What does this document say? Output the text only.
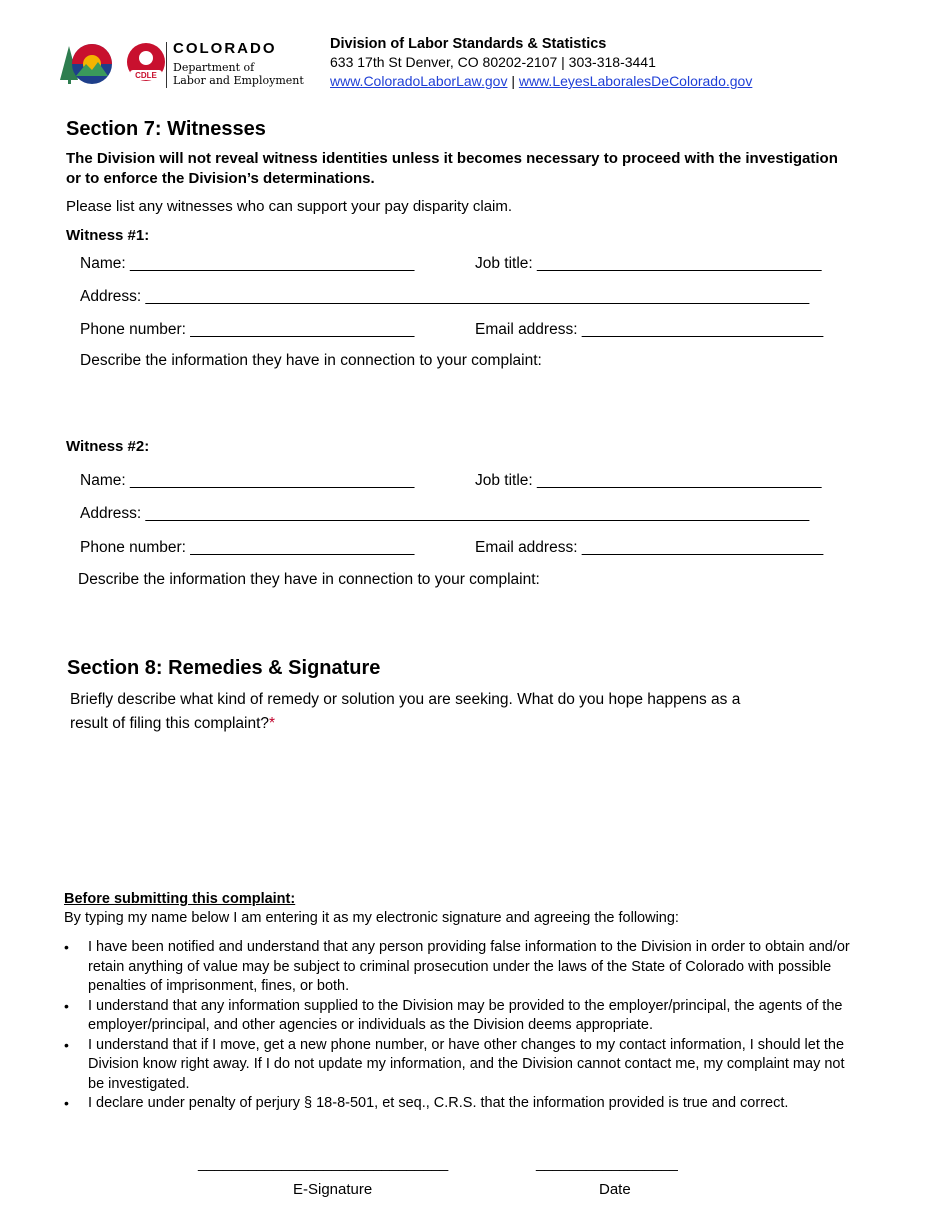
CDLE
COLORADO
Department of
Labor and Employment
Division of Labor Standards & Statistics
633 17th St Denver, CO 80202-2107 | 303-318-3441
www.ColoradoLaborLaw.gov | www.LeyesLaboralesDeColorado.gov
Section 7: Witnesses
The Division will not reveal witness identities unless it becomes necessary to proceed with the investigation or to enforce the Division’s determinations.
Please list any witnesses who can support your pay disparity claim.
Witness #1:
Name: _________________________________	Job title: _________________________________
Address: _____________________________________________________________________________
Phone number: __________________________	Email address: ____________________________
Describe the information they have in connection to your complaint:
Witness #2:
Name: _________________________________	Job title: _________________________________
Address: _____________________________________________________________________________
Phone number: __________________________	Email address: ____________________________
Describe the information they have in connection to your complaint:
Section 8: Remedies & Signature
Briefly describe what kind of remedy or solution you are seeking. What do you hope happens as a
result of filing this complaint?*
Before submitting this complaint:
By typing my name below I am entering it as my electronic signature and agreeing the following:
• I have been notified and understand that any person providing false information to the Division in order to obtain and/or retain anything of value may be subject to criminal prosecution under the laws of the State of Colorado with possible penalties of imprisonment, fines, or both.
• I understand that any information supplied to the Division may be provided to the employer/principal, the agents of the employer/principal, and other agencies or individuals as the Division deems appropriate.
• I understand that if I move, get a new phone number, or have other changes to my contact information, I should let the Division know right away. If I do not update my information, and the Division cannot contact me, my complaint may not be investigated.
• I declare under penalty of perjury § 18-8-501, et seq., C.R.S. that the information provided is true and correct.
______________________________	_________________
E-Signature	Date
